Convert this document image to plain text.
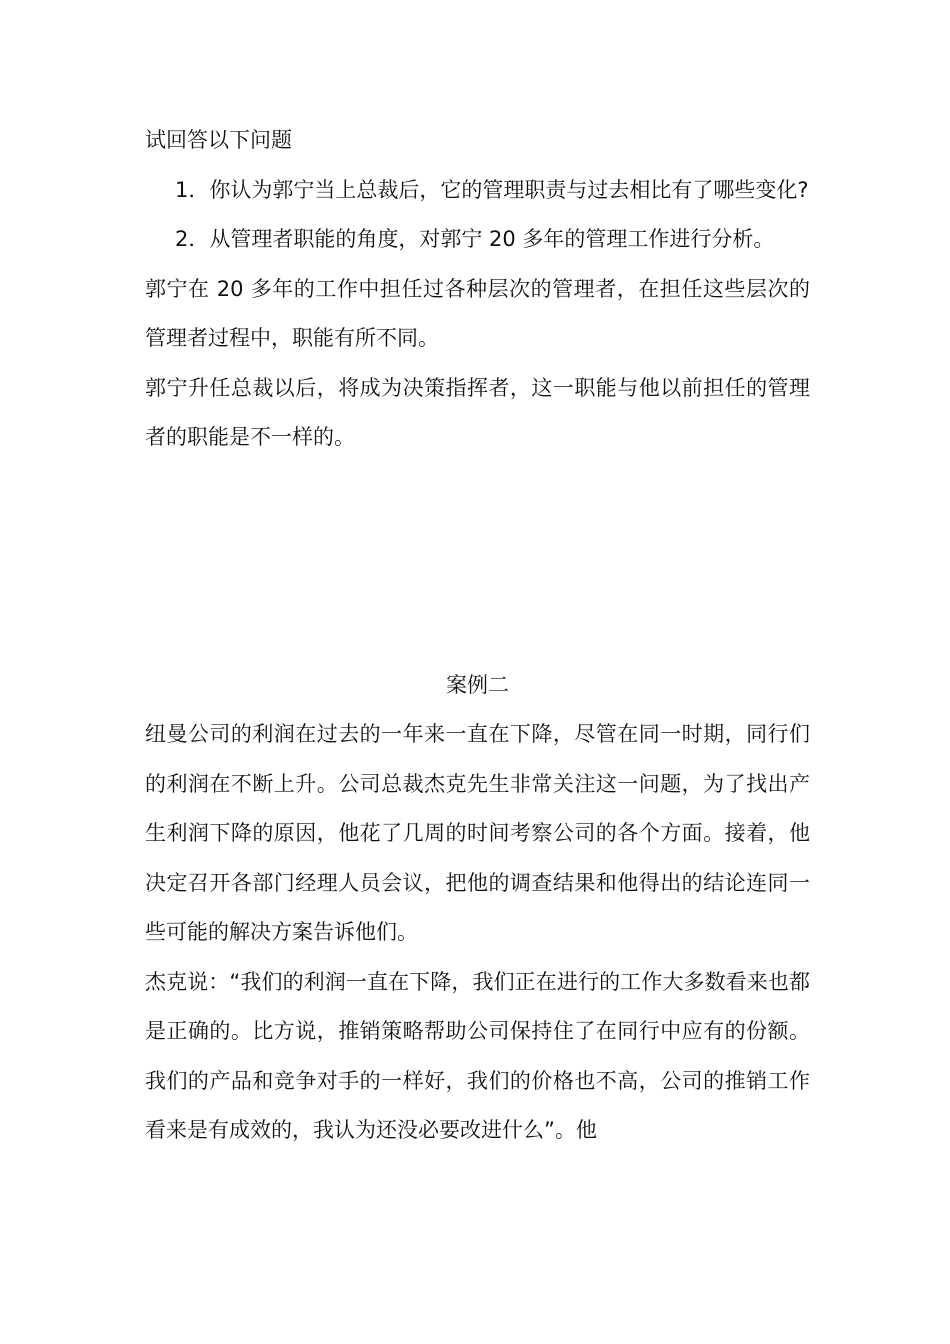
试回答以下问题

1．你认为郭宁当上总裁后，它的管理职责与过去相比有了哪些变化?

2．从管理者职能的角度，对郭宁 20 多年的管理工作进行分析。

郭宁在 20 多年的工作中担任过各种层次的管理者，在担任这些层次的管理者过程中，职能有所不同。

郭宁升任总裁以后，将成为决策指挥者，这一职能与他以前担任的管理者的职能是不一样的。

案例二

纽曼公司的利润在过去的一年来一直在下降，尽管在同一时期，同行们的利润在不断上升。公司总裁杰克先生非常关注这一问题，为了找出产生利润下降的原因，他花了几周的时间考察公司的各个方面。接着，他决定召开各部门经理人员会议，把他的调查结果和他得出的结论连同一些可能的解决方案告诉他们。

杰克说：“我们的利润一直在下降，我们正在进行的工作大多数看来也都是正确的。比方说，推销策略帮助公司保持住了在同行中应有的份额。我们的产品和竞争对手的一样好，我们的价格也不高，公司的推销工作看来是有成效的，我认为还没必要改进什么”。他
